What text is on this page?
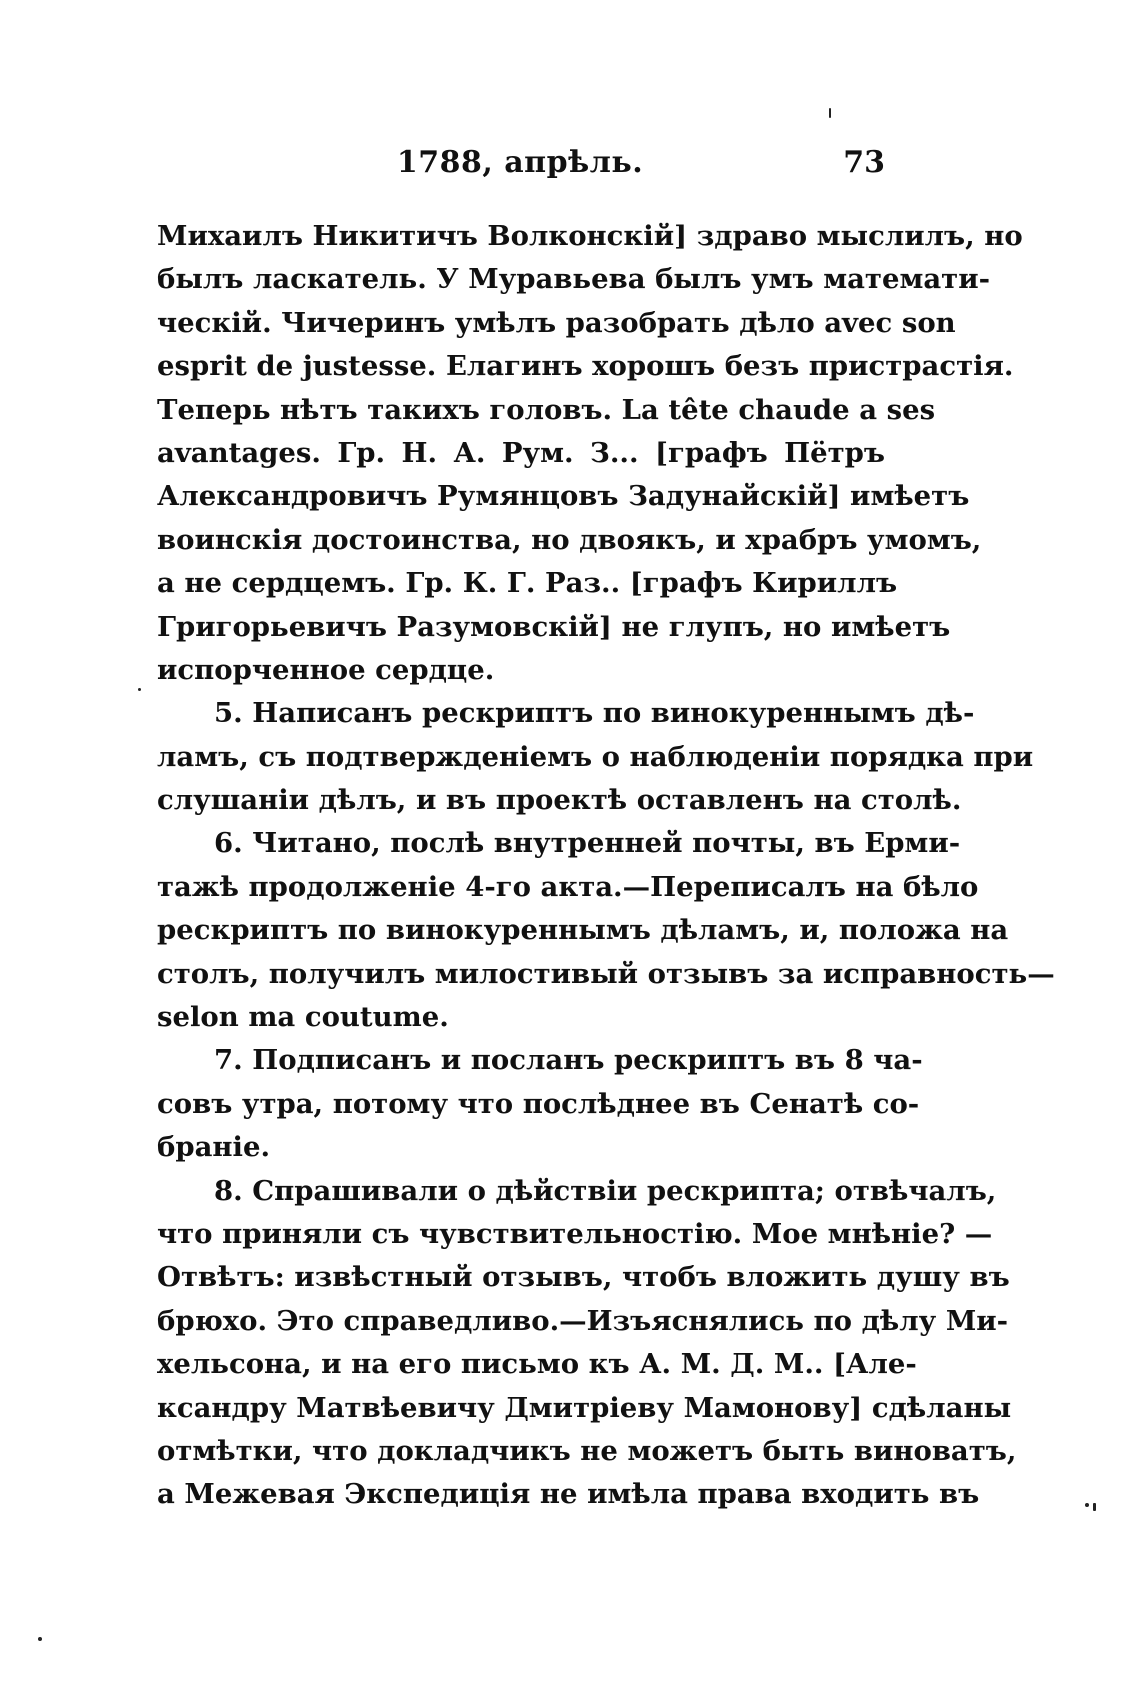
1788, апрѣль.	73
Михаилъ Никитичъ Волконскій] здраво мыслилъ, но
былъ ласкатель. У Муравьева былъ умъ математи-
ческій. Чичеринъ умѣлъ разобрать дѣло avec son
esprit de justesse. Елагинъ хорошъ безъ пристрастія.
Теперь нѣтъ такихъ головъ. La tête chaude a ses
avantages. Гр. Н. А. Рум. З... [графъ Пётръ
Александровичъ Румянцовъ Задунайскій] имѣетъ
воинскія достоинства, но двоякъ, и храбръ умомъ,
а не сердцемъ. Гр. К. Г. Раз.. [графъ Кириллъ
Григорьевичъ Разумовскій] не глупъ, но имѣетъ
испорченное сердце.
5. Написанъ рескриптъ по винокуреннымъ дѣ-
ламъ, съ подтвержденіемъ о наблюденіи порядка при
слушаніи дѣлъ, и въ проектѣ оставленъ на столѣ.
6. Читано, послѣ внутренней почты, въ Ерми-
тажѣ продолженіе 4-го акта.—Переписалъ на бѣло
рескриптъ по винокуреннымъ дѣламъ, и, положа на
столъ, получилъ милостивый отзывъ за исправность—
selon ma coutume.
7. Подписанъ и посланъ рескриптъ въ 8 ча-
совъ утра, потому что послѣднее въ Сенатѣ со-
браніе.
8. Спрашивали о дѣйствіи рескрипта; отвѣчалъ,
что приняли съ чувствительностію. Мое мнѣніе? —
Отвѣтъ: извѣстный отзывъ, чтобъ вложить душу въ
брюхо. Это справедливо.—Изъяснялись по дѣлу Ми-
хельсона, и на его письмо къ А. М. Д. М.. [Але-
ксандру Матвѣевичу Дмитріеву Мамонову] сдѣланы
отмѣтки, что докладчикъ не можетъ быть виноватъ,
а Межевая Экспедиція не имѣла права входить въ
